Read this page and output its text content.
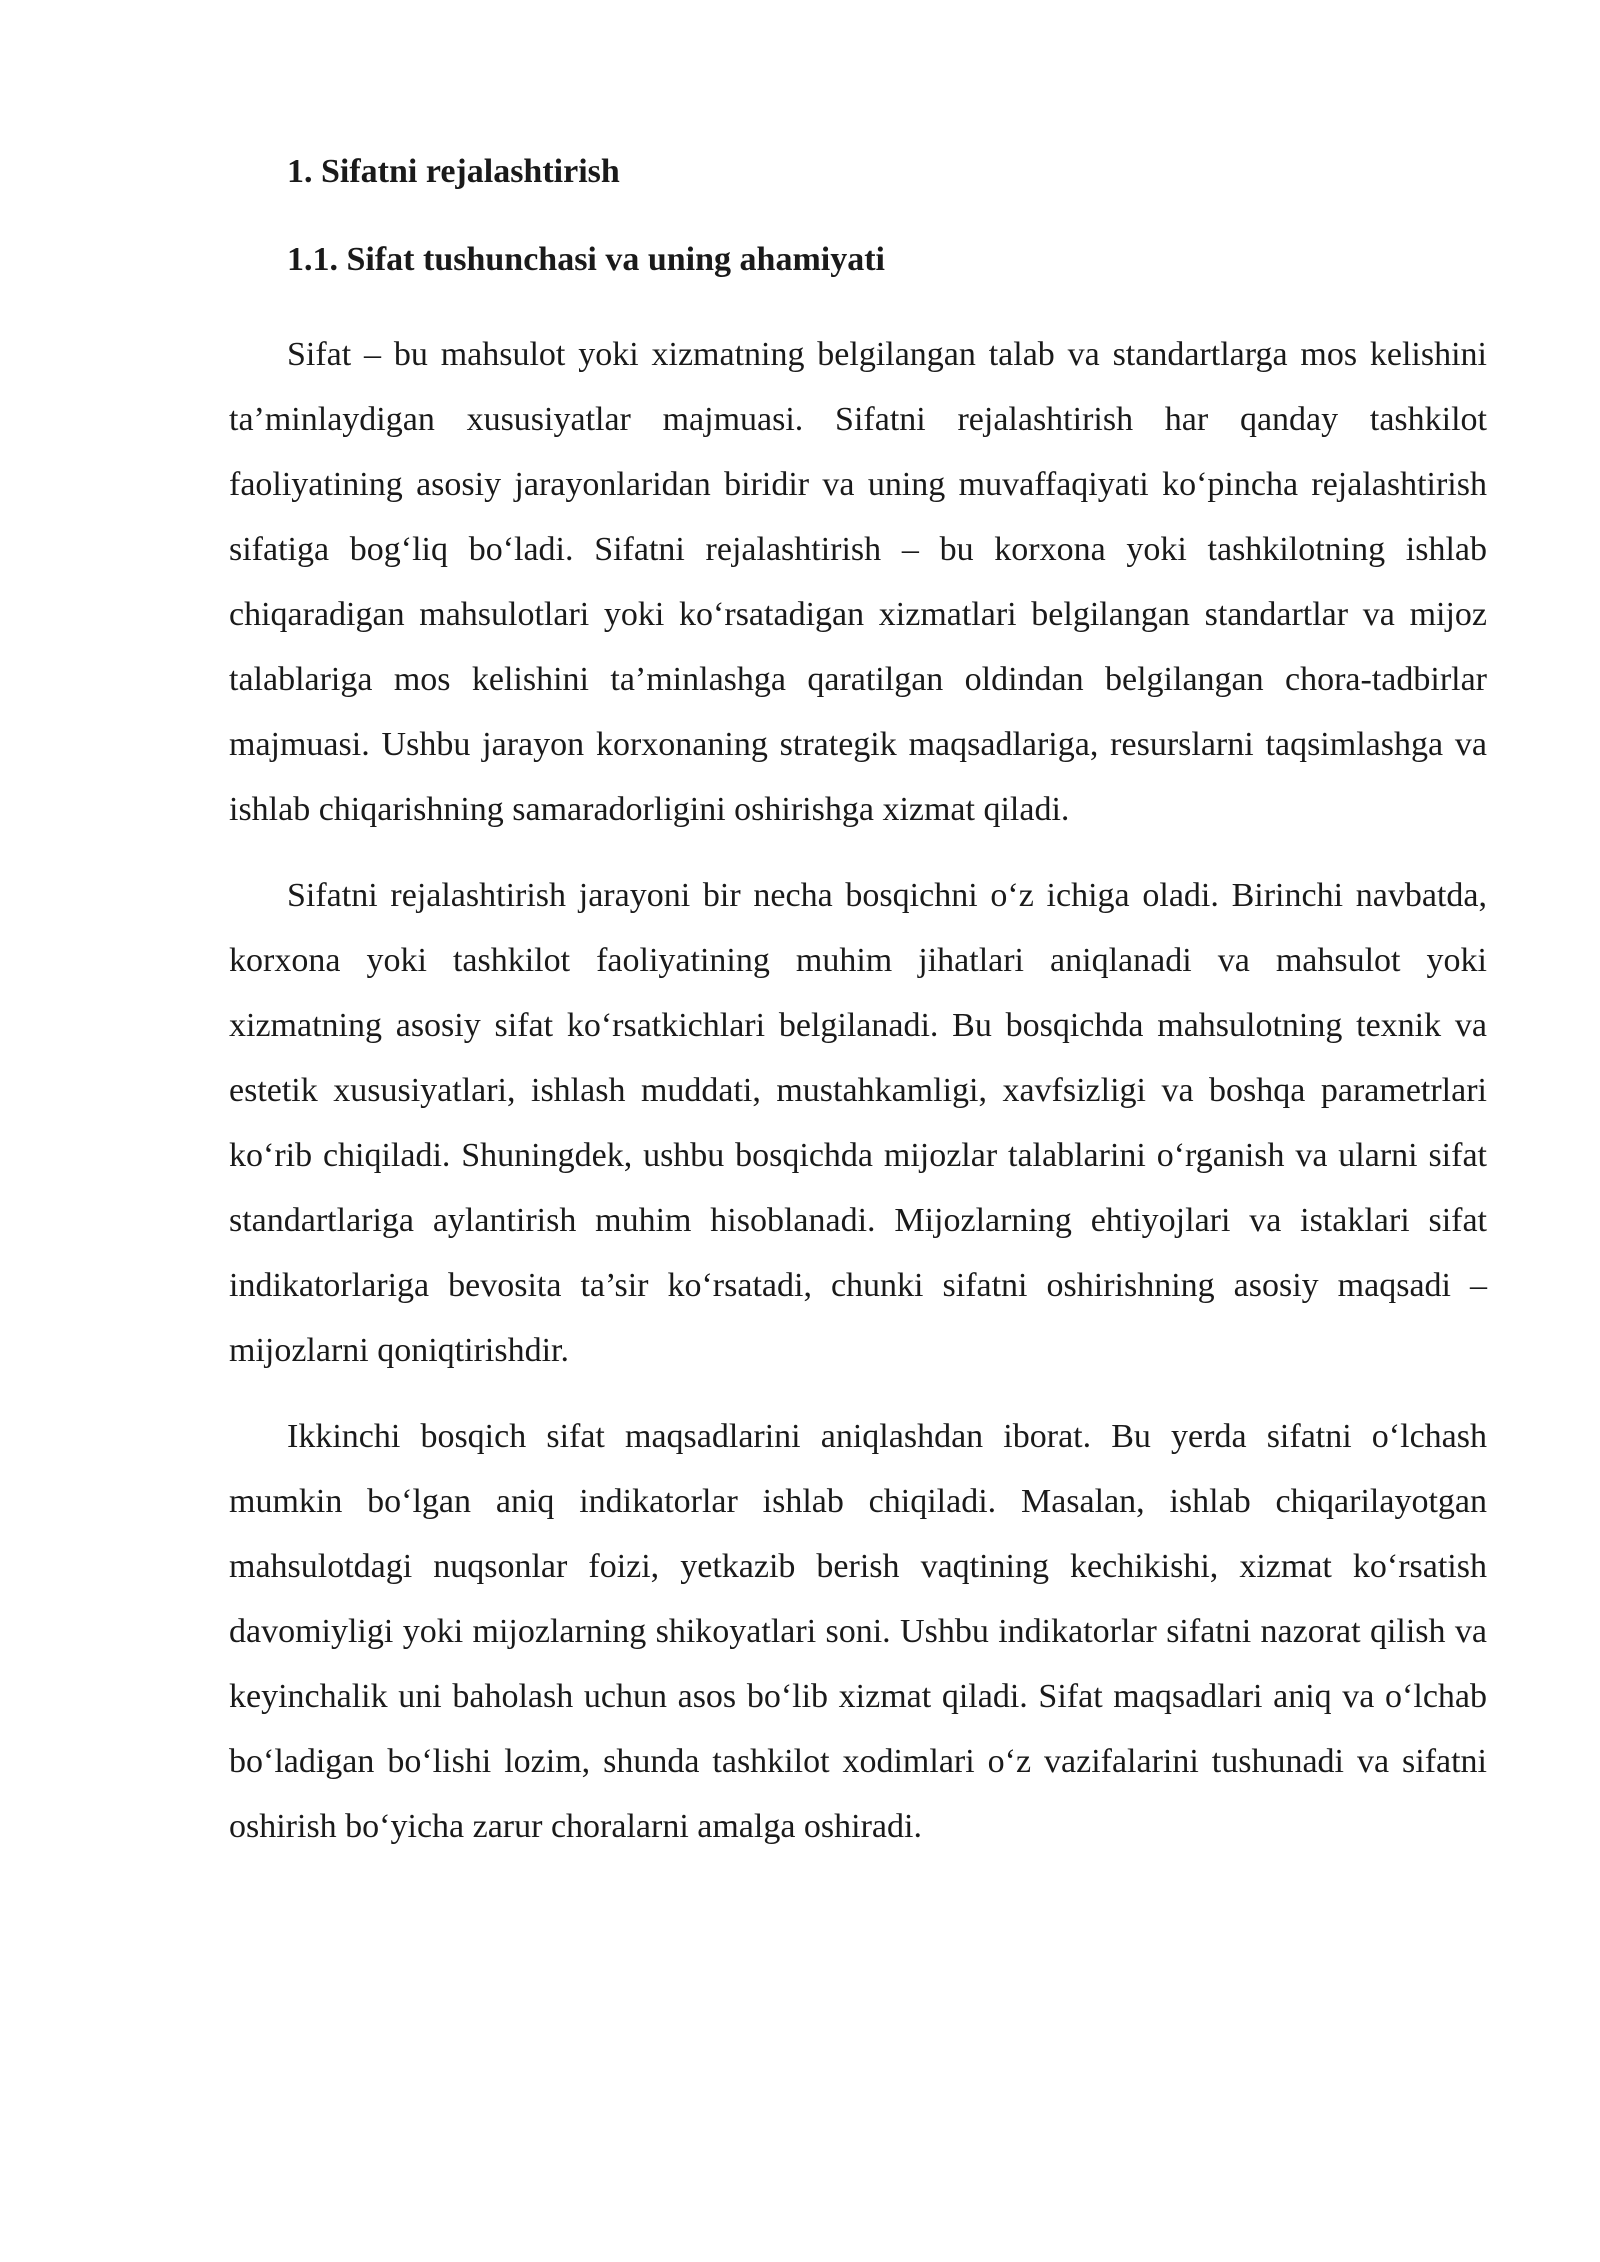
1. Sifatni rejalashtirish

1.1. Sifat tushunchasi va uning ahamiyati

Sifat – bu mahsulot yoki xizmatning belgilangan talab va standartlarga mos kelishini ta’minlaydigan xususiyatlar majmuasi. Sifatni rejalashtirish har qanday tashkilot faoliyatining asosiy jarayonlaridan biridir va uning muvaffaqiyati ko‘pincha rejalashtirish sifatiga bog‘liq bo‘ladi. Sifatni rejalashtirish – bu korxona yoki tashkilotning ishlab chiqaradigan mahsulotlari yoki ko‘rsatadigan xizmatlari belgilangan standartlar va mijoz talablariga mos kelishini ta’minlashga qaratilgan oldindan belgilangan chora-tadbirlar majmuasi. Ushbu jarayon korxonaning strategik maqsadlariga, resurslarni taqsimlashga va ishlab chiqarishning samaradorligini oshirishga xizmat qiladi.

Sifatni rejalashtirish jarayoni bir necha bosqichni o‘z ichiga oladi. Birinchi navbatda, korxona yoki tashkilot faoliyatining muhim jihatlari aniqlanadi va mahsulot yoki xizmatning asosiy sifat ko‘rsatkichlari belgilanadi. Bu bosqichda mahsulotning texnik va estetik xususiyatlari, ishlash muddati, mustahkamligi, xavfsizligi va boshqa parametrlari ko‘rib chiqiladi. Shuningdek, ushbu bosqichda mijozlar talablarini o‘rganish va ularni sifat standartlariga aylantirish muhim hisoblanadi. Mijozlarning ehtiyojlari va istaklari sifat indikatorlariga bevosita ta’sir ko‘rsatadi, chunki sifatni oshirishning asosiy maqsadi – mijozlarni qoniqtirishdir.

Ikkinchi bosqich sifat maqsadlarini aniqlashdan iborat. Bu yerda sifatni o‘lchash mumkin bo‘lgan aniq indikatorlar ishlab chiqiladi. Masalan, ishlab chiqarilayotgan mahsulotdagi nuqsonlar foizi, yetkazib berish vaqtining kechikishi, xizmat ko‘rsatish davomiyligi yoki mijozlarning shikoyatlari soni. Ushbu indikatorlar sifatni nazorat qilish va keyinchalik uni baholash uchun asos bo‘lib xizmat qiladi. Sifat maqsadlari aniq va o‘lchab bo‘ladigan bo‘lishi lozim, shunda tashkilot xodimlari o‘z vazifalarini tushunadi va sifatni oshirish bo‘yicha zarur choralarni amalga oshiradi.
